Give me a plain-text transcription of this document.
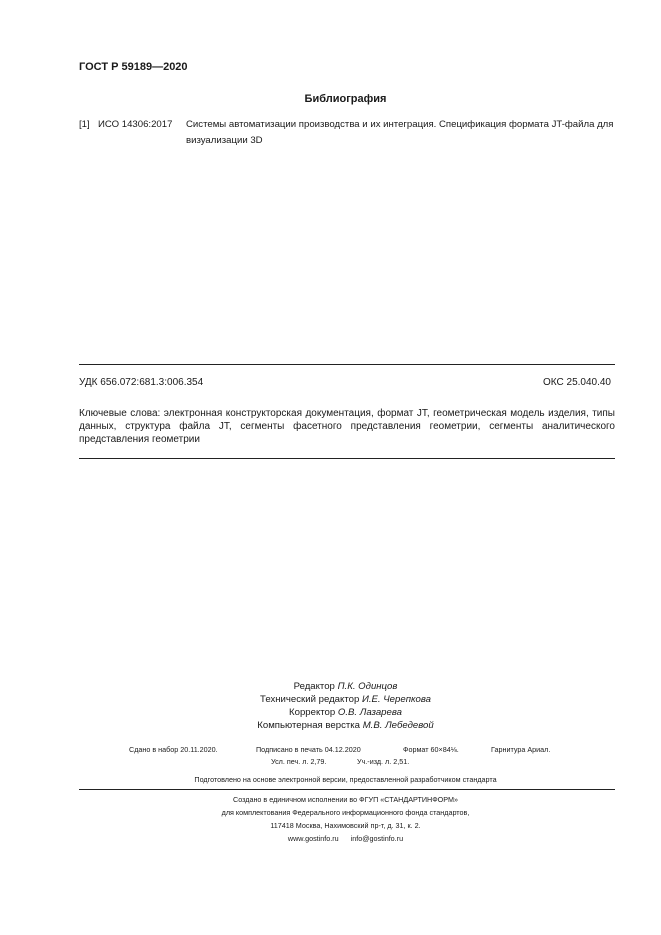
ГОСТ Р 59189—2020
Библиография
[1] ИСО 14306:2017 Системы автоматизации производства и их интеграция. Спецификация формата JT-файла для визуализации 3D
УДК 656.072:681.3:006.354	ОКС 25.040.40
Ключевые слова: электронная конструкторская документация, формат JT, геометрическая модель изделия, типы данных, структура файла JT, сегменты фасетного представления геометрии, сегменты аналитического представления геометрии
Редактор П.К. Одинцов
Технический редактор И.Е. Черепкова
Корректор О.В. Лазарева
Компьютерная верстка М.В. Лебедевой
Сдано в набор 20.11.2020.	Подписано в печать 04.12.2020	Формат 60×84⅛.	Гарнитура Ариал.
Усл. печ. л. 2,79.	Уч.-изд. л. 2,51.
Подготовлено на основе электронной версии, предоставленной разработчиком стандарта
Создано в единичном исполнении во ФГУП «СТАНДАРТИНФОРМ»
для комплектования Федерального информационного фонда стандартов,
117418 Москва, Нахимовский пр-т, д. 31, к. 2.
www.gostinfo.ru info@gostinfo.ru
